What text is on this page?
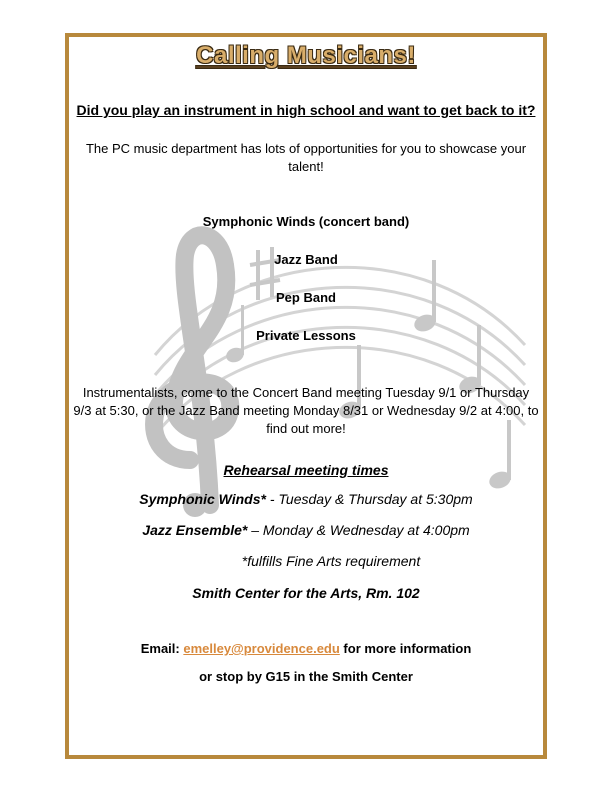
Calling Musicians!
Did you play an instrument in high school and want to get back to it?
The PC music department has lots of opportunities for you to showcase your talent!
Symphonic Winds (concert band)
Jazz Band
Pep Band
Private Lessons
Instrumentalists, come to the Concert Band meeting Tuesday 9/1 or Thursday 9/3 at 5:30, or the Jazz Band meeting Monday 8/31 or Wednesday 9/2 at 4:00, to find out more!
Rehearsal meeting times
Symphonic Winds* - Tuesday & Thursday at 5:30pm
Jazz Ensemble* – Monday & Wednesday at 4:00pm
*fulfills Fine Arts requirement
Smith Center for the Arts, Rm. 102
Email: emelley@providence.edu for more information
or stop by G15 in the Smith Center
